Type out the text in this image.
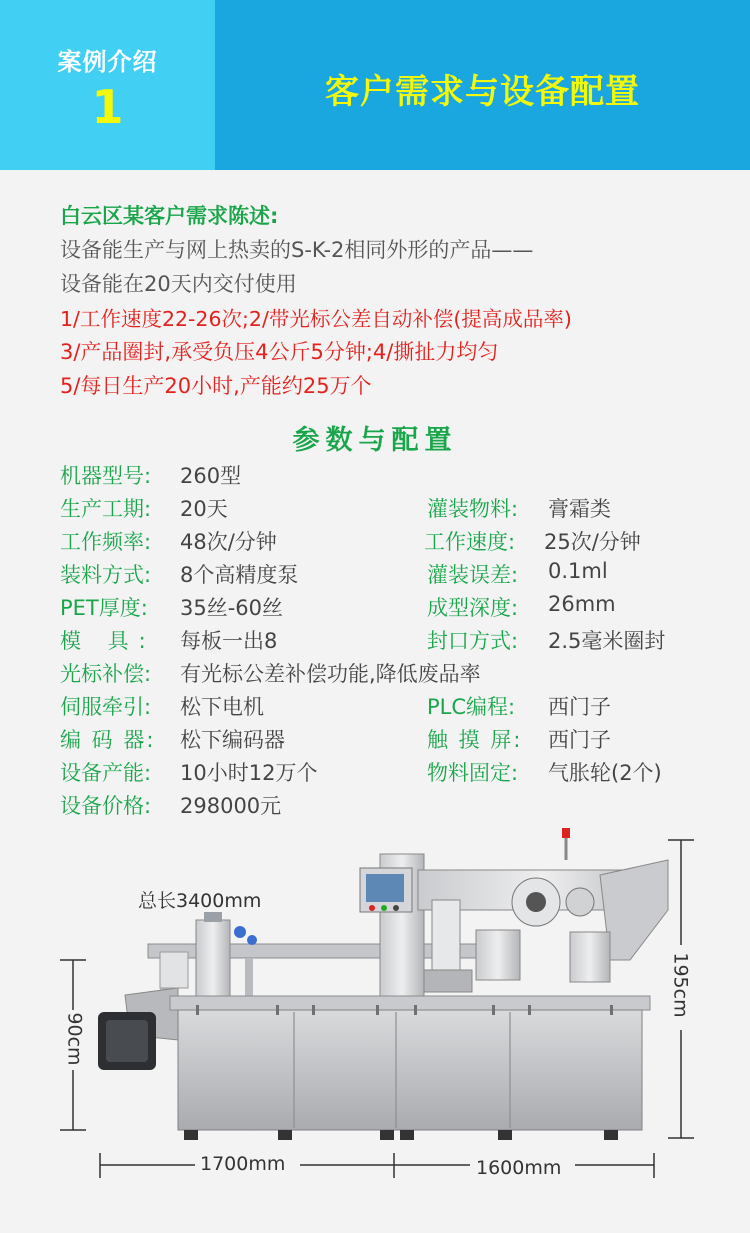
案例介绍
1	客户需求与设备配置
白云区某客户需求陈述:
设备能生产与网上热卖的S-K-2相同外形的产品——
设备能在20天内交付使用
1/工作速度22-26次;2/带光标公差自动补偿(提高成品率)
3/产品圈封,承受负压4公斤5分钟;4/撕扯力均匀
5/每日生产20小时,产能约25万个
参数与配置
机器型号: 260型
生产工期: 20天
工作频率: 48次/分钟
装料方式: 8个高精度泵
PET厚度: 35丝-60丝
模 具: 每板一出8
光标补偿: 有光标公差补偿功能,降低废品率
伺服牵引: 松下电机
编 码 器: 松下编码器
设备产能: 10小时12万个
设备价格: 298000元
灌装物料: 膏霜类
工作速度: 25次/分钟
灌装误差: 0.1ml
成型深度: 26mm
封口方式: 2.5毫米圈封
PLC编程: 西门子
触 摸 屏: 西门子
物料固定: 气胀轮(2个)
总长3400mm
195cm
90cm
1700mm	1600mm
